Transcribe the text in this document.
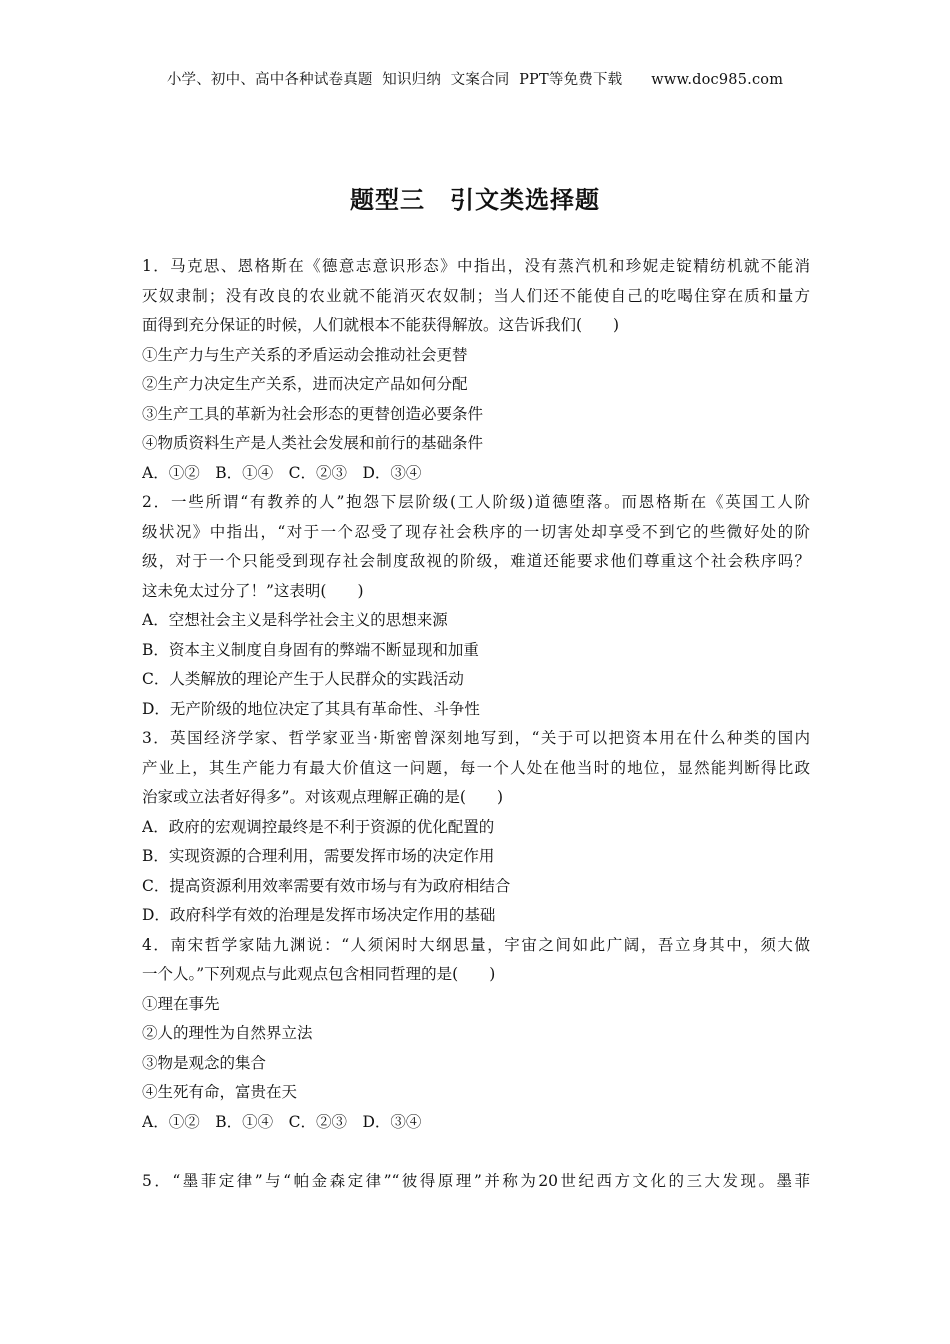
小学、初中、高中各种试卷真题  知识归纳  文案合同  PPT等免费下载      www.doc985.com
题型三　引文类选择题
1．马克思、恩格斯在《德意志意识形态》中指出，没有蒸汽机和珍妮走锭精纺机就不能消
灭奴隶制；没有改良的农业就不能消灭农奴制；当人们还不能使自己的吃喝住穿在质和量方
面得到充分保证的时候，人们就根本不能获得解放。这告诉我们(　　)
①生产力与生产关系的矛盾运动会推动社会更替
②生产力决定生产关系，进而决定产品如何分配
③生产工具的革新为社会形态的更替创造必要条件
④物质资料生产是人类社会发展和前行的基础条件
A．①②　B．①④　C．②③　D．③④
2．一些所谓“有教养的人”抱怨下层阶级(工人阶级)道德堕落。而恩格斯在《英国工人阶
级状况》中指出，“对于一个忍受了现存社会秩序的一切害处却享受不到它的些微好处的阶
级，对于一个只能受到现存社会制度敌视的阶级，难道还能要求他们尊重这个社会秩序吗？
这未免太过分了！”这表明(　　)
A．空想社会主义是科学社会主义的思想来源
B．资本主义制度自身固有的弊端不断显现和加重
C．人类解放的理论产生于人民群众的实践活动
D．无产阶级的地位决定了其具有革命性、斗争性
3．英国经济学家、哲学家亚当·斯密曾深刻地写到，“关于可以把资本用在什么种类的国内
产业上，其生产能力有最大价值这一问题，每一个人处在他当时的地位，显然能判断得比政
治家或立法者好得多”。对该观点理解正确的是(　　)
A．政府的宏观调控最终是不利于资源的优化配置的
B．实现资源的合理利用，需要发挥市场的决定作用
C．提高资源利用效率需要有效市场与有为政府相结合
D．政府科学有效的治理是发挥市场决定作用的基础
4．南宋哲学家陆九渊说：“人须闲时大纲思量，宇宙之间如此广阔，吾立身其中，须大做
一个人。”下列观点与此观点包含相同哲理的是(　　)
①理在事先
②人的理性为自然界立法
③物是观念的集合
④生死有命，富贵在天
A．①②　B．①④　C．②③　D．③④
5．“墨菲定律”与“帕金森定律”“彼得原理”并称为20世纪西方文化的三大发现。墨菲
